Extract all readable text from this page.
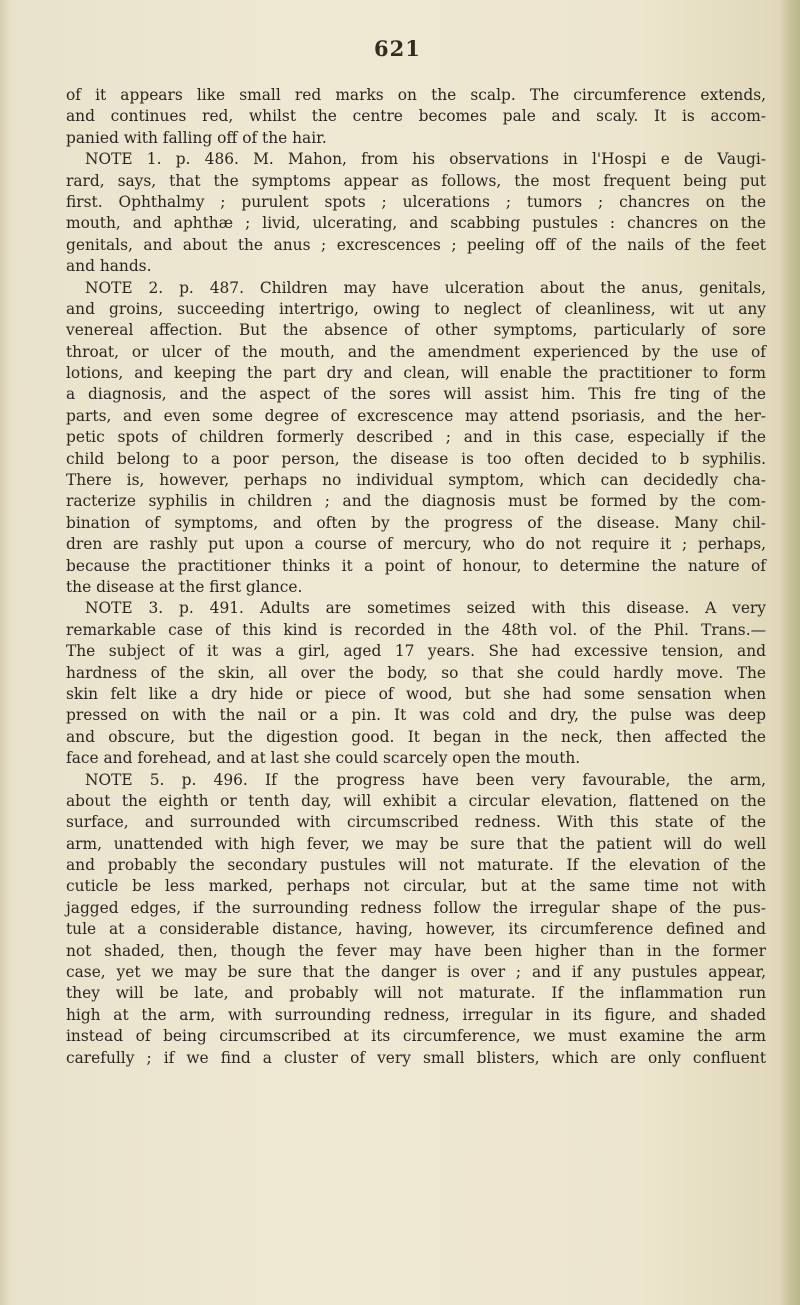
621
of it appears like small red marks on the scalp. The circumference extends,
and continues red, whilst the centre becomes pale and scaly. It is accom-
panied with falling off of the hair.
NOTE 1. p. 486. M. Mahon, from his observations in l'Hospi e de Vaugi-
rard, says, that the symptoms appear as follows, the most frequent being put
first. Ophthalmy ; purulent spots ; ulcerations ; tumors ; chancres on the
mouth, and aphthæ ; livid, ulcerating, and scabbing pustules : chancres on the
genitals, and about the anus ; excrescences ; peeling off of the nails of the feet
and hands.
NOTE 2. p. 487. Children may have ulceration about the anus, genitals,
and groins, succeeding intertrigo, owing to neglect of cleanliness, wit ut any
venereal affection. But the absence of other symptoms, particularly of sore
throat, or ulcer of the mouth, and the amendment experienced by the use of
lotions, and keeping the part dry and clean, will enable the practitioner to form
a diagnosis, and the aspect of the sores will assist him. This fre ting of the
parts, and even some degree of excrescence may attend psoriasis, and the her-
petic spots of children formerly described ; and in this case, especially if the
child belong to a poor person, the disease is too often decided to b syphilis.
There is, however, perhaps no individual symptom, which can decidedly cha-
racterize syphilis in children ; and the diagnosis must be formed by the com-
bination of symptoms, and often by the progress of the disease. Many chil-
dren are rashly put upon a course of mercury, who do not require it ; perhaps,
because the practitioner thinks it a point of honour, to determine the nature of
the disease at the first glance.
NOTE 3. p. 491. Adults are sometimes seized with this disease. A very
remarkable case of this kind is recorded in the 48th vol. of the Phil. Trans.—
The subject of it was a girl, aged 17 years. She had excessive tension, and
hardness of the skin, all over the body, so that she could hardly move. The
skin felt like a dry hide or piece of wood, but she had some sensation when
pressed on with the nail or a pin. It was cold and dry, the pulse was deep
and obscure, but the digestion good. It began in the neck, then affected the
face and forehead, and at last she could scarcely open the mouth.
NOTE 5. p. 496. If the progress have been very favourable, the arm,
about the eighth or tenth day, will exhibit a circular elevation, flattened on the
surface, and surrounded with circumscribed redness. With this state of the
arm, unattended with high fever, we may be sure that the patient will do well
and probably the secondary pustules will not maturate. If the elevation of the
cuticle be less marked, perhaps not circular, but at the same time not with
jagged edges, if the surrounding redness follow the irregular shape of the pus-
tule at a considerable distance, having, however, its circumference defined and
not shaded, then, though the fever may have been higher than in the former
case, yet we may be sure that the danger is over ; and if any pustules appear,
they will be late, and probably will not maturate. If the inflammation run
high at the arm, with surrounding redness, irregular in its figure, and shaded
instead of being circumscribed at its circumference, we must examine the arm
carefully ; if we find a cluster of very small blisters, which are only confluent
